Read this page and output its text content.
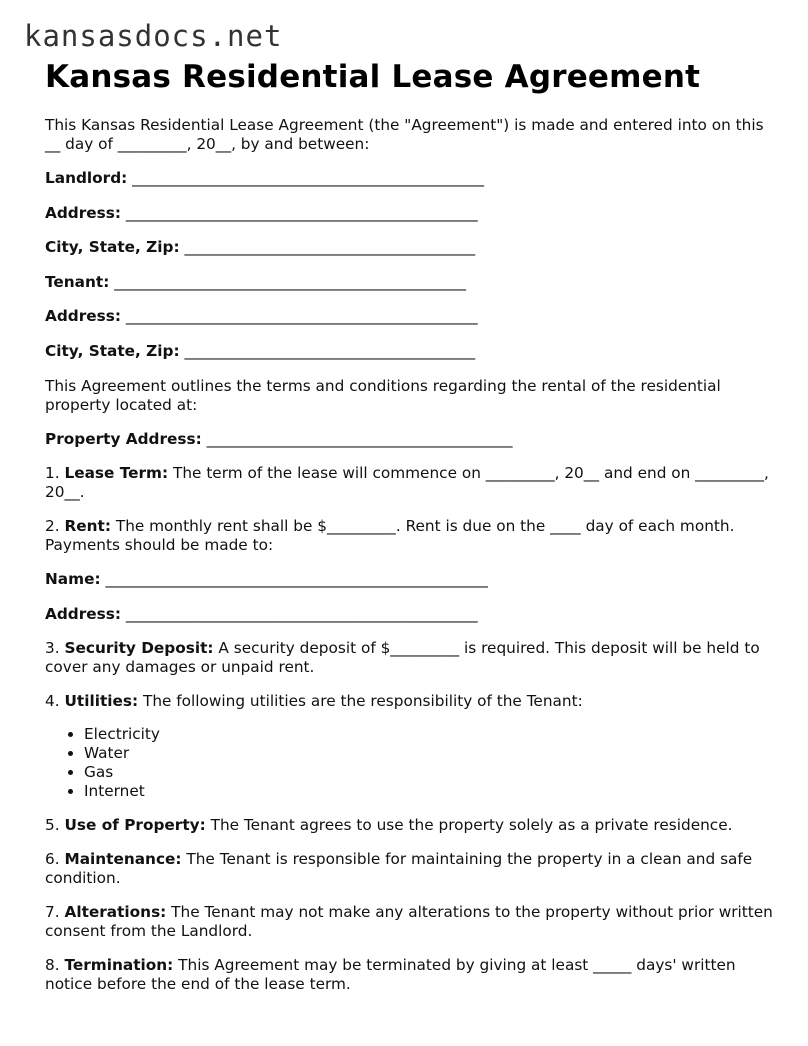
kansasdocs.net
Kansas Residential Lease Agreement

This Kansas Residential Lease Agreement (the "Agreement") is made and entered into on this __ day of _________, 20__, by and between:

Landlord: ______________________________________________
Address: ______________________________________________
City, State, Zip: ______________________________________
Tenant: ______________________________________________
Address: ______________________________________________
City, State, Zip: ______________________________________

This Agreement outlines the terms and conditions regarding the rental of the residential property located at:

Property Address: ________________________________________

1. Lease Term: The term of the lease will commence on _________, 20__ and end on _________, 20__.

2. Rent: The monthly rent shall be $_________. Rent is due on the ____ day of each month. Payments should be made to:

Name: __________________________________________________
Address: ______________________________________________

3. Security Deposit: A security deposit of $_________ is required. This deposit will be held to cover any damages or unpaid rent.

4. Utilities: The following utilities are the responsibility of the Tenant:

• Electricity
• Water
• Gas
• Internet

5. Use of Property: The Tenant agrees to use the property solely as a private residence.

6. Maintenance: The Tenant is responsible for maintaining the property in a clean and safe condition.

7. Alterations: The Tenant may not make any alterations to the property without prior written consent from the Landlord.

8. Termination: This Agreement may be terminated by giving at least _____ days' written notice before the end of the lease term.
